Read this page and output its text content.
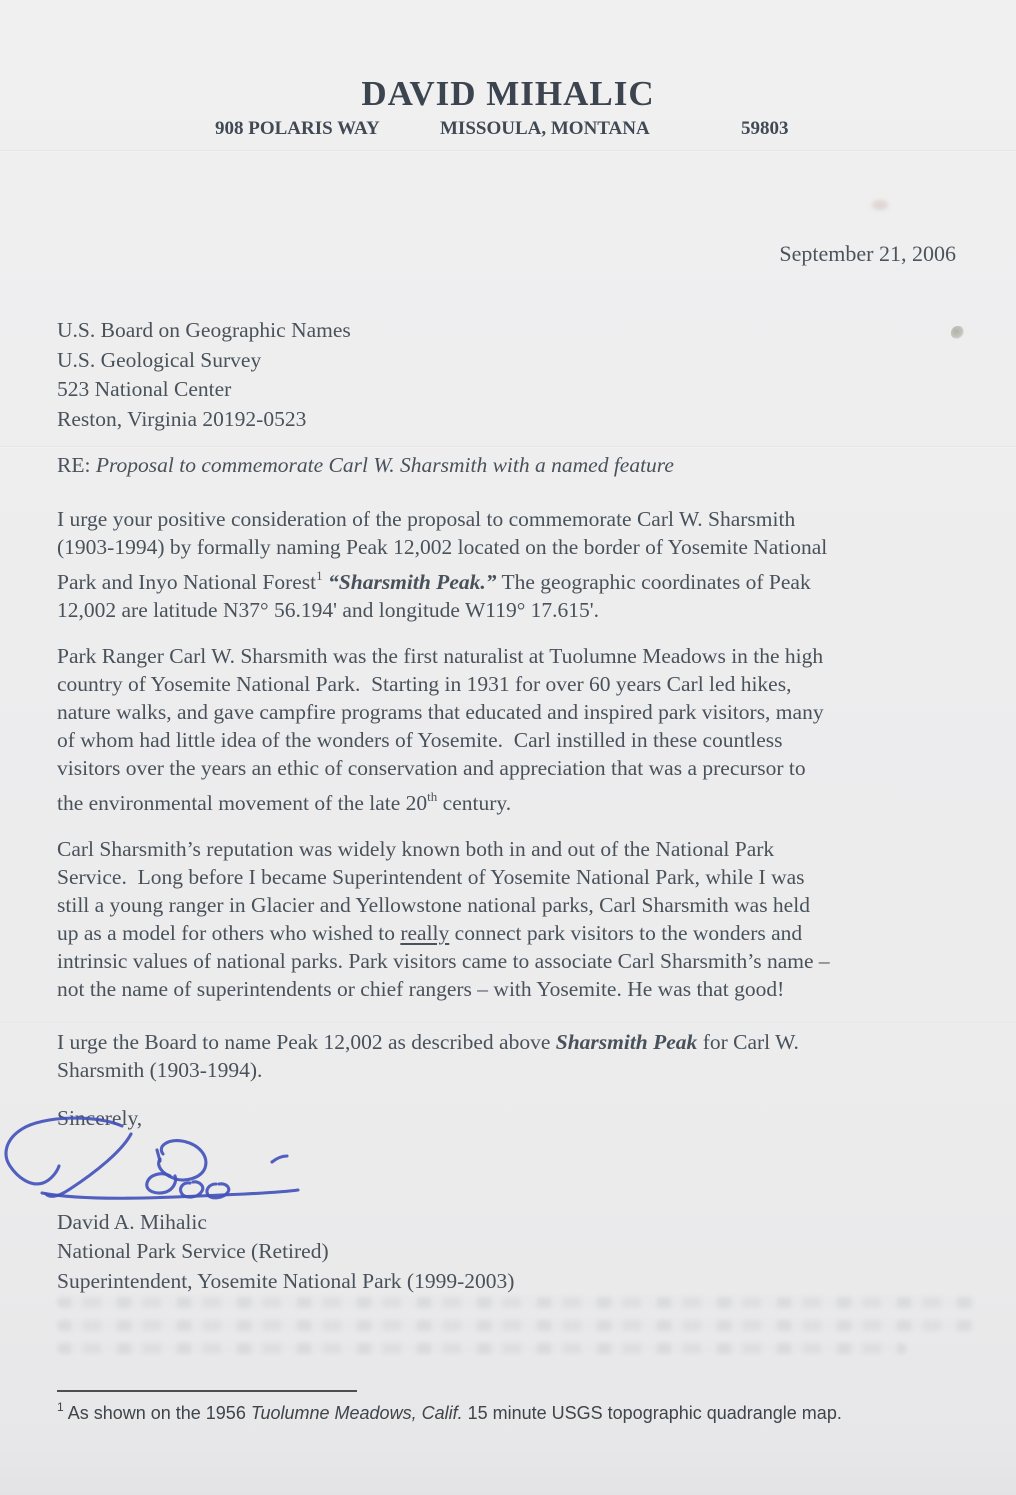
DAVID MIHALIC
908 POLARIS WAY	MISSOULA, MONTANA	59803
September 21, 2006
U.S. Board on Geographic Names
U.S. Geological Survey
523 National Center
Reston, Virginia 20192-0523
RE: Proposal to commemorate Carl W. Sharsmith with a named feature
I urge your positive consideration of the proposal to commemorate Carl W. Sharsmith
(1903-1994) by formally naming Peak 12,002 located on the border of Yosemite National
Park and Inyo National Forest$^1$ “Sharsmith Peak.” The geographic coordinates of Peak
12,002 are latitude N37° 56.194' and longitude W119° 17.615'.
Park Ranger Carl W. Sharsmith was the first naturalist at Tuolumne Meadows in the high
country of Yosemite National Park.  Starting in 1931 for over 60 years Carl led hikes,
nature walks, and gave campfire programs that educated and inspired park visitors, many
of whom had little idea of the wonders of Yosemite.  Carl instilled in these countless
visitors over the years an ethic of conservation and appreciation that was a precursor to
the environmental movement of the late 20th century.
Carl Sharsmith’s reputation was widely known both in and out of the National Park
Service.  Long before I became Superintendent of Yosemite National Park, while I was
still a young ranger in Glacier and Yellowstone national parks, Carl Sharsmith was held
up as a model for others who wished to really connect park visitors to the wonders and
intrinsic values of national parks. Park visitors came to associate Carl Sharsmith’s name –
not the name of superintendents or chief rangers – with Yosemite. He was that good!
I urge the Board to name Peak 12,002 as described above Sharsmith Peak for Carl W.
Sharsmith (1903-1994).
Sincerely,
David A. Mihalic
National Park Service (Retired)
Superintendent, Yosemite National Park (1999-2003)
$^1$ As shown on the 1956 Tuolumne Meadows, Calif. 15 minute USGS topographic quadrangle map.
